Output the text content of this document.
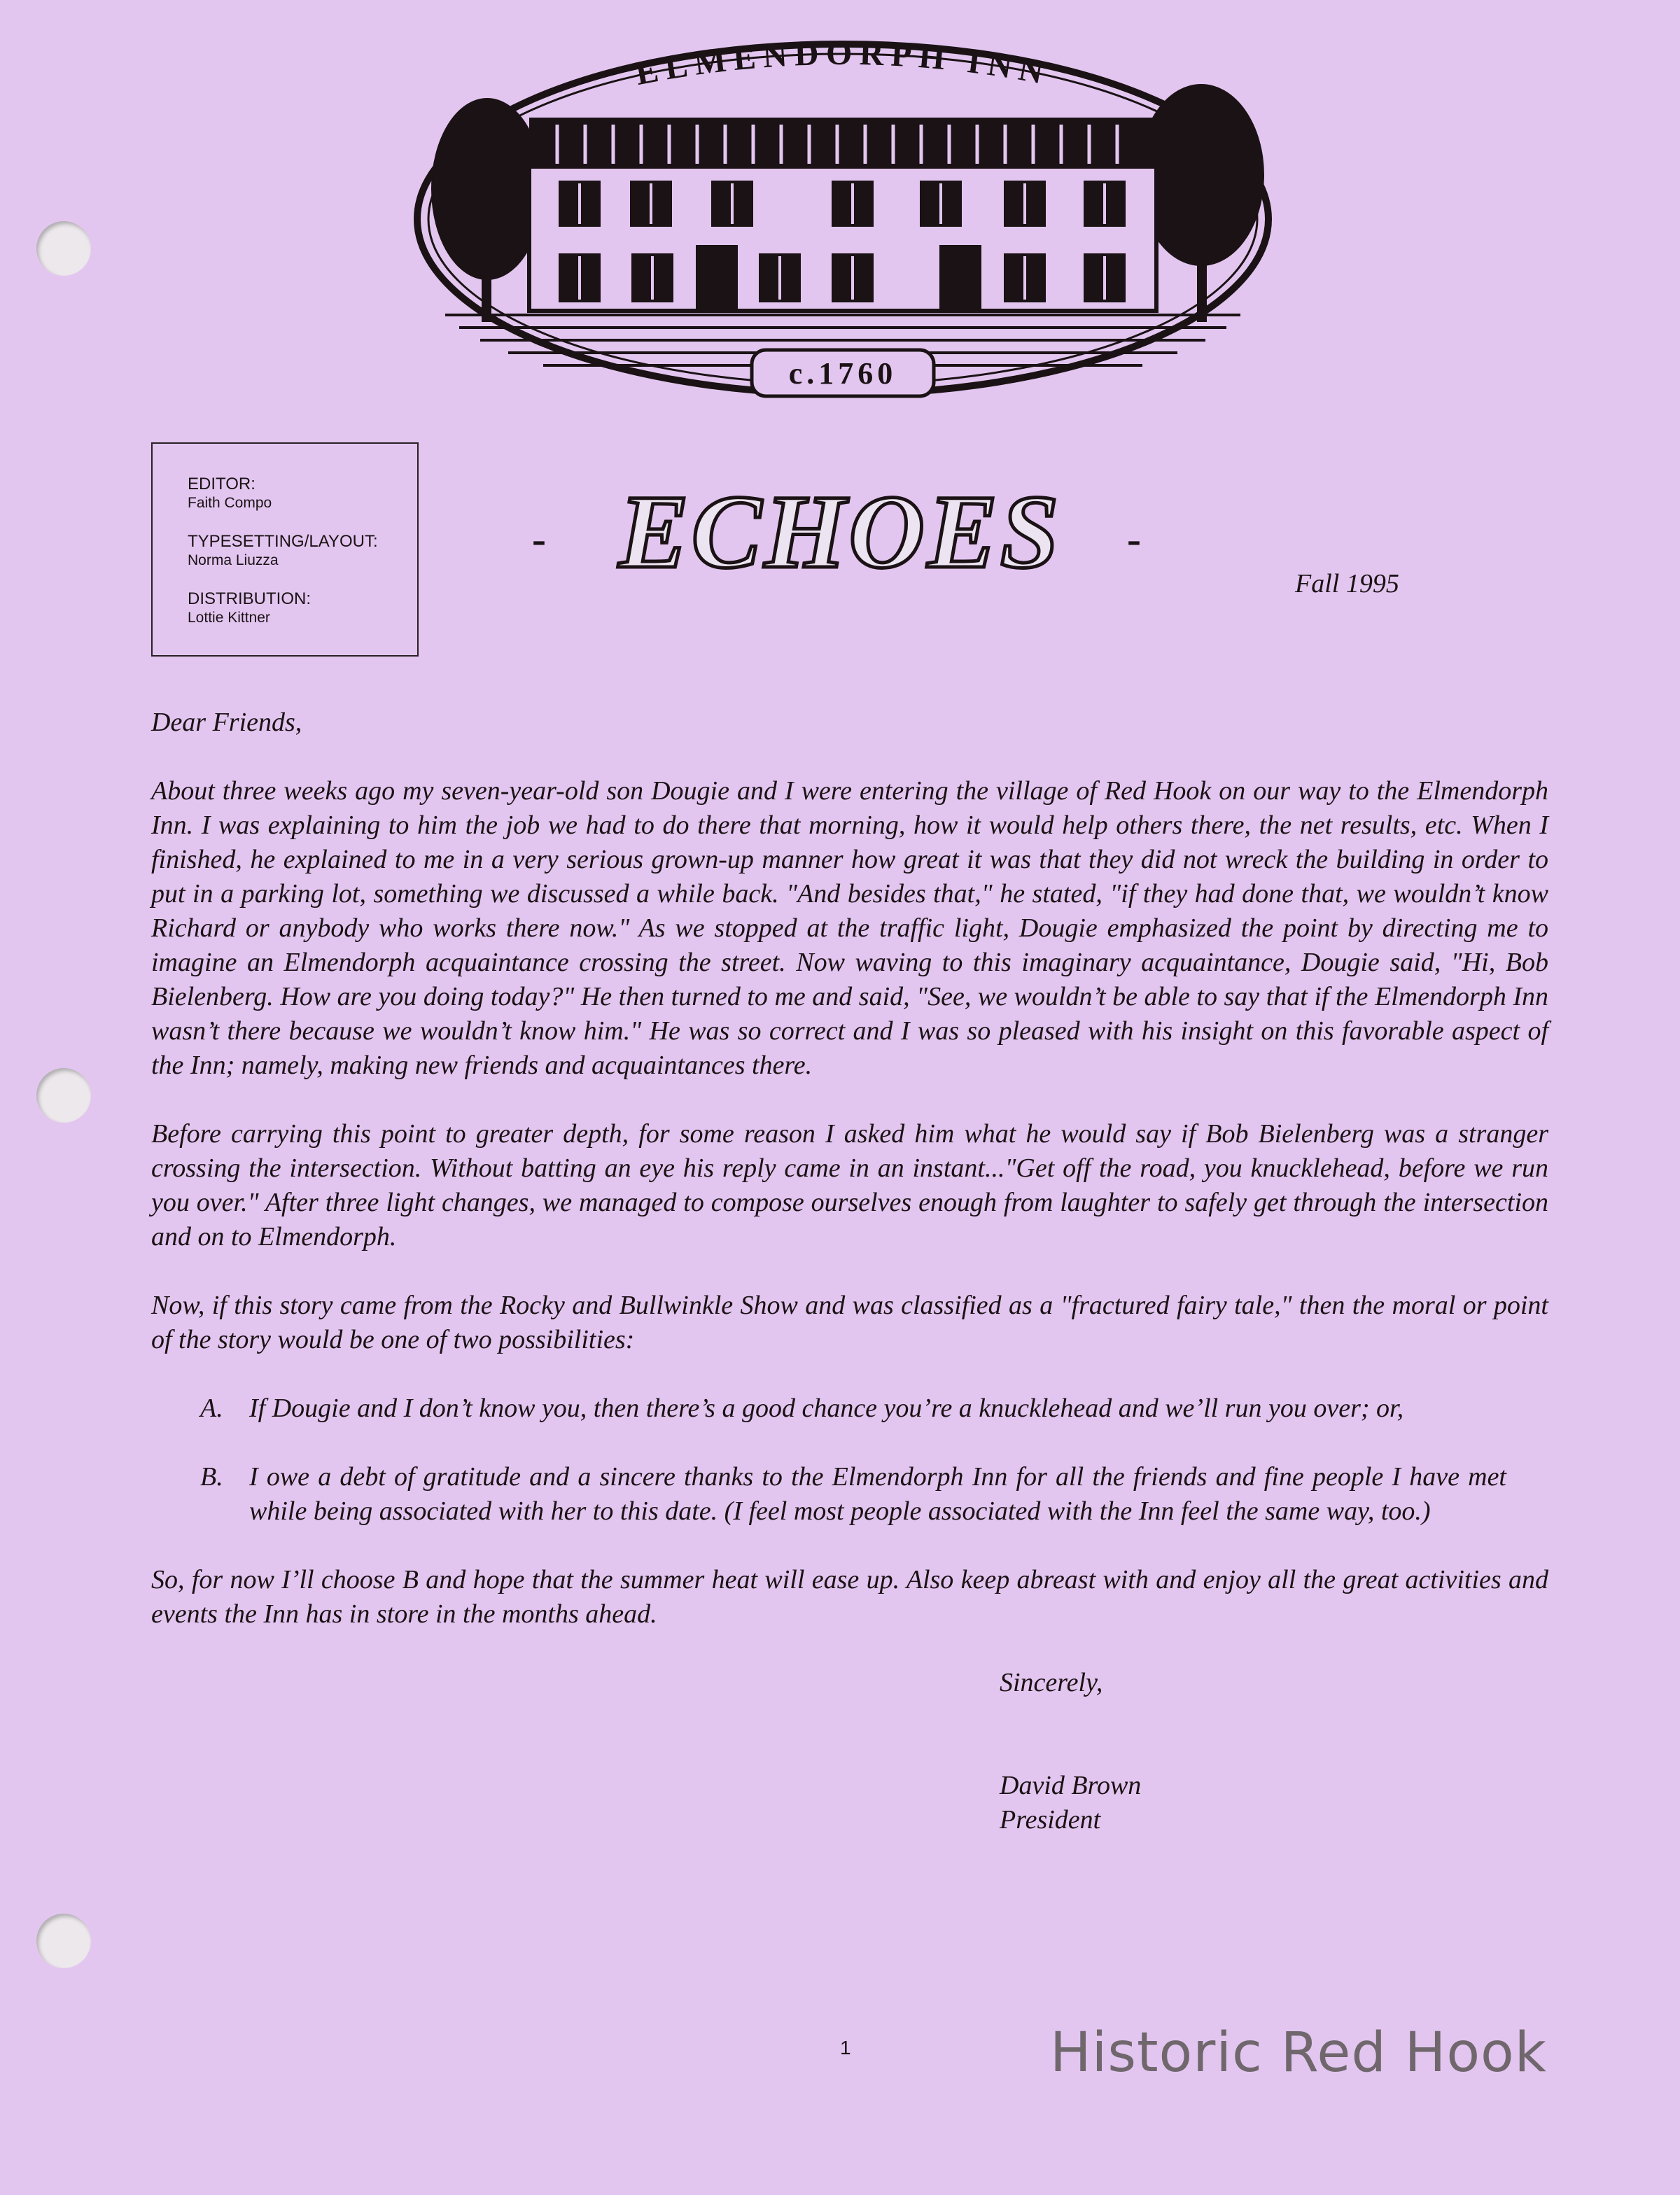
ELMENDORPH INN
c.1760
EDITOR:
Faith Compo
TYPESETTING/LAYOUT:
Norma Liuzza
DISTRIBUTION:
Lottie Kittner
- ECHOES -
Fall 1995

Dear Friends,

About three weeks ago my seven-year-old son Dougie and I were entering the village of Red Hook on our way to the Elmendorph Inn. I was explaining to him the job we had to do there that morning, how it would help others there, the net results, etc. When I finished, he explained to me in a very serious grown-up manner how great it was that they did not wreck the building in order to put in a parking lot, something we discussed a while back. "And besides that," he stated, "if they had done that, we wouldn’t know Richard or anybody who works there now." As we stopped at the traffic light, Dougie emphasized the point by directing me to imagine an Elmendorph acquaintance crossing the street. Now waving to this imaginary acquaintance, Dougie said, "Hi, Bob Bielenberg. How are you doing today?" He then turned to me and said, "See, we wouldn’t be able to say that if the Elmendorph Inn wasn’t there because we wouldn’t know him." He was so correct and I was so pleased with his insight on this favorable aspect of the Inn; namely, making new friends and acquaintances there.

Before carrying this point to greater depth, for some reason I asked him what he would say if Bob Bielenberg was a stranger crossing the intersection. Without batting an eye his reply came in an instant..."Get off the road, you knucklehead, before we run you over." After three light changes, we managed to compose ourselves enough from laughter to safely get through the intersection and on to Elmendorph.

Now, if this story came from the Rocky and Bullwinkle Show and was classified as a "fractured fairy tale," then the moral or point of the story would be one of two possibilities:

A. If Dougie and I don’t know you, then there’s a good chance you’re a knucklehead and we’ll run you over; or,
B. I owe a debt of gratitude and a sincere thanks to the Elmendorph Inn for all the friends and fine people I have met while being associated with her to this date. (I feel most people associated with the Inn feel the same way, too.)

So, for now I’ll choose B and hope that the summer heat will ease up. Also keep abreast with and enjoy all the great activities and events the Inn has in store in the months ahead.

Sincerely,
David Brown
President
1	Historic Red Hook
